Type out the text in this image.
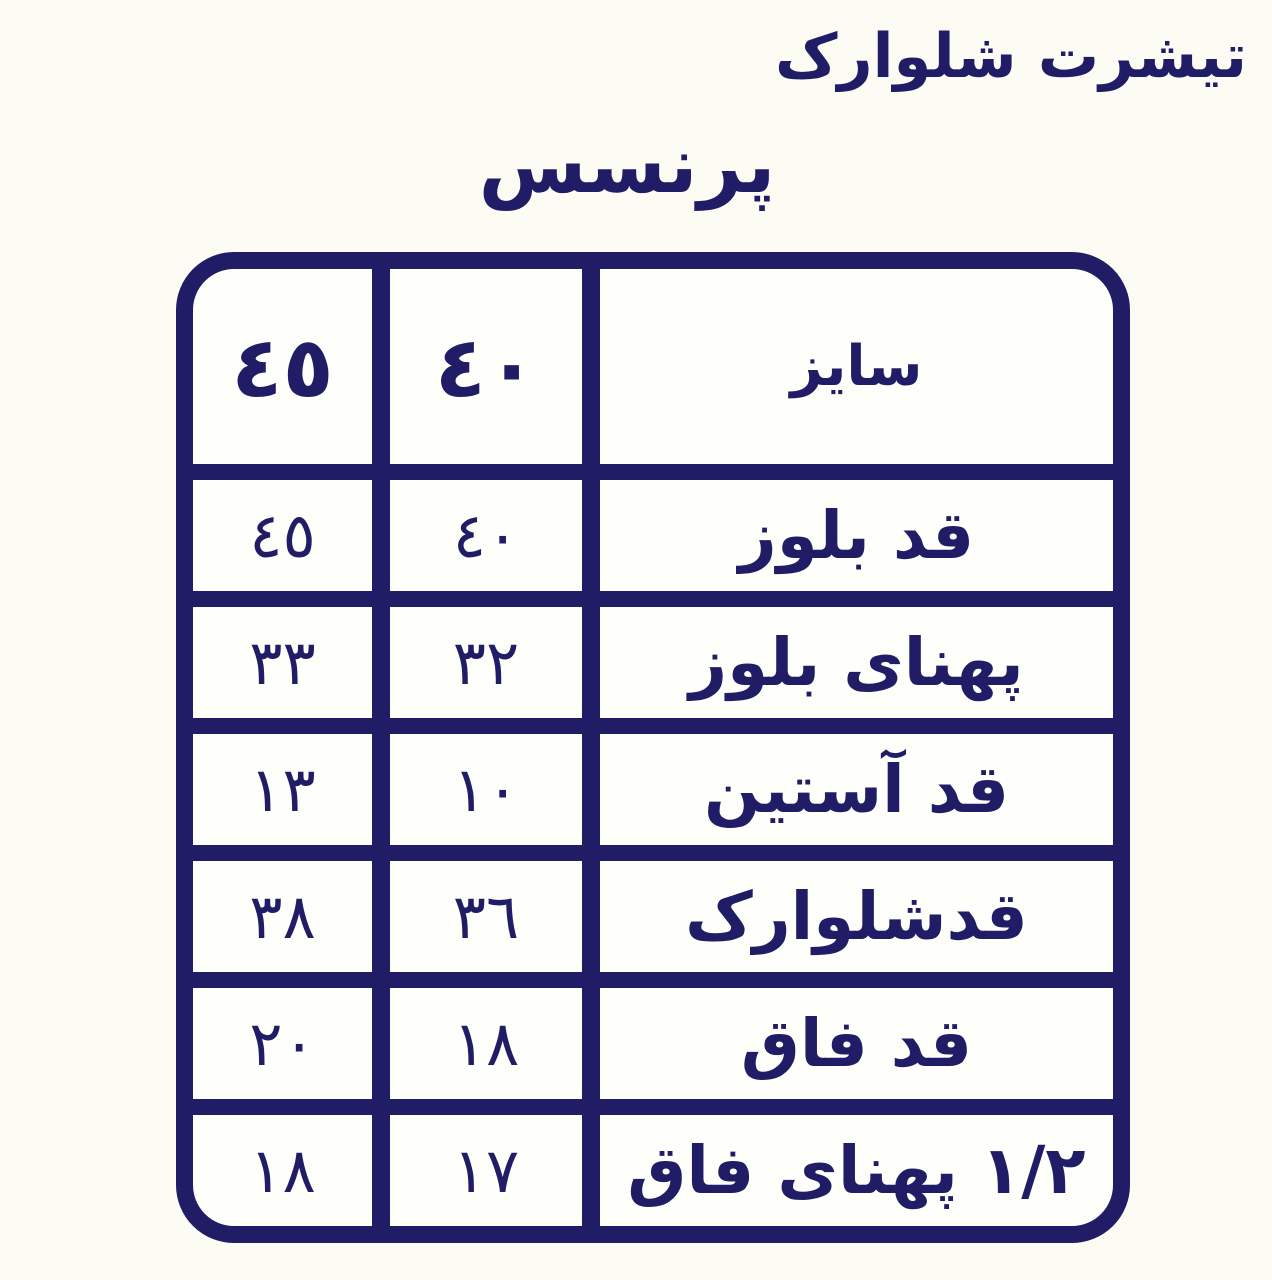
تیشرت شلوارک
پرنسس
سایز	٤٠	٤٥
قد بلوز	٤٠	٤٥
پهنای بلوز	٣٢	٣٣
قد آستین	١٠	١٣
قدشلوارک	٣٦	٣٨
قد فاق	١٨	٢٠
١/٢ پهنای فاق	١٧	١٨
